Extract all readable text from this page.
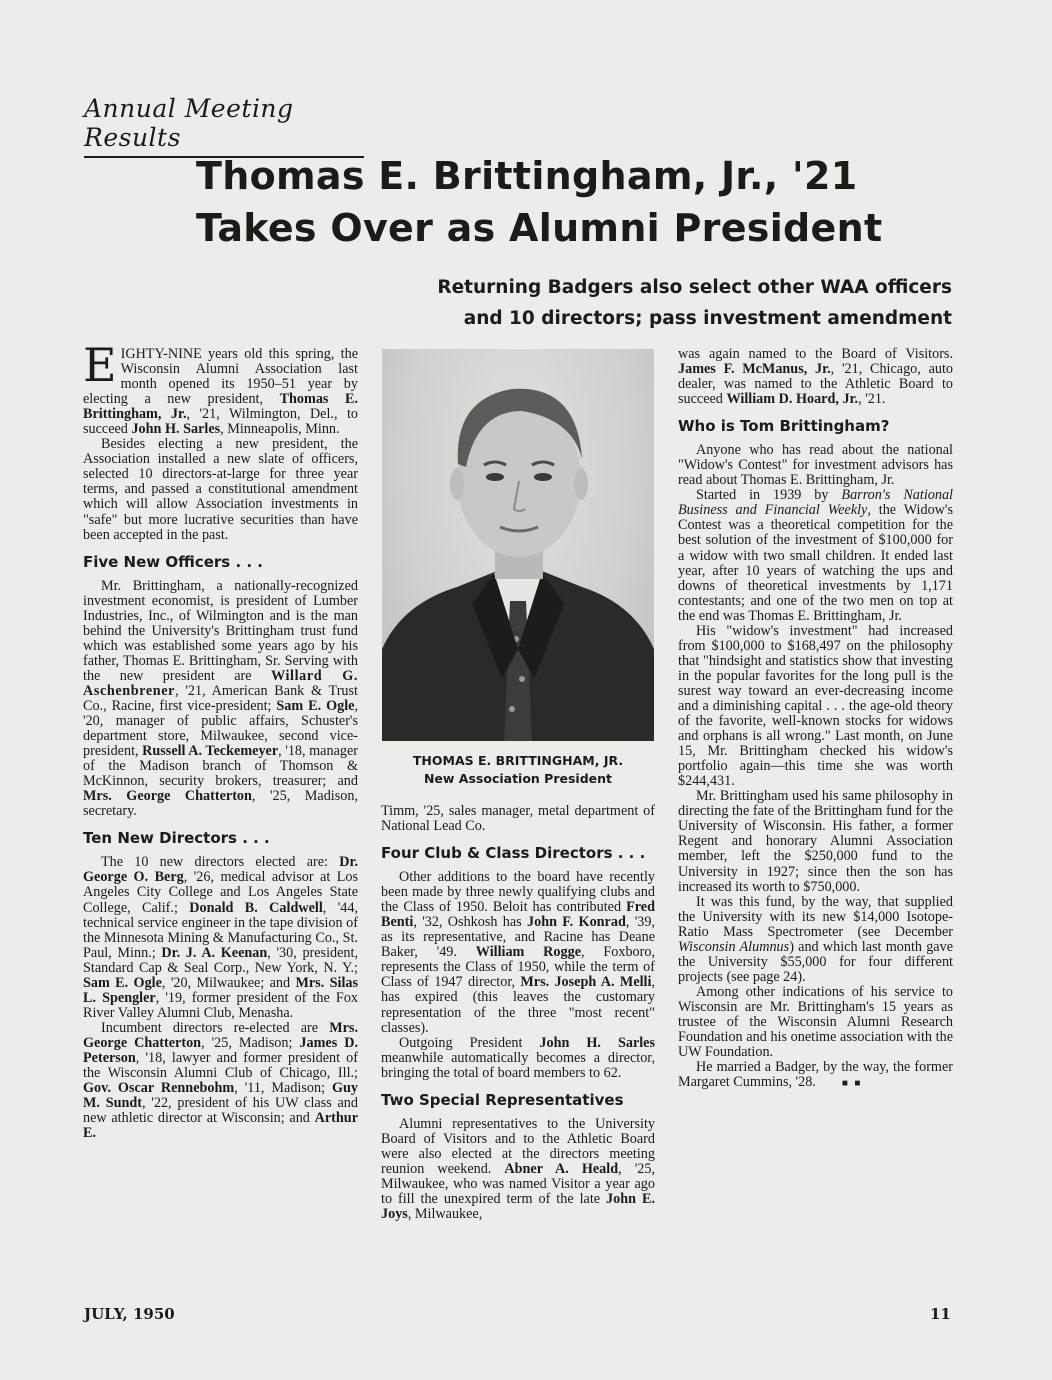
Annual Meeting Results
Thomas E. Brittingham, Jr., '21
Takes Over as Alumni President
Returning Badgers also select other WAA officers
and 10 directors; pass investment amendment

EIGHTY-NINE years old this spring, the Wisconsin Alumni Association last month opened its 1950–51 year by electing a new president, Thomas E. Brittingham, Jr., '21, Wilmington, Del., to succeed John H. Sarles, Minneapolis, Minn.

Besides electing a new president, the Association installed a new slate of officers, selected 10 directors-at-large for three year terms, and passed a constitutional amendment which will allow Association investments in "safe" but more lucrative securities than have been accepted in the past.

Five New Officers . . .

Mr. Brittingham, a nationally-recognized investment economist, is president of Lumber Industries, Inc., of Wilmington and is the man behind the University's Brittingham trust fund which was established some years ago by his father, Thomas E. Brittingham, Sr. Serving with the new president are Willard G. Aschenbrener, '21, American Bank & Trust Co., Racine, first vice-president; Sam E. Ogle, '20, manager of public affairs, Schuster's department store, Milwaukee, second vice-president, Russell A. Teckemeyer, '18, manager of the Madison branch of Thomson & McKinnon, security brokers, treasurer; and Mrs. George Chatterton, '25, Madison, secretary.

Ten New Directors . . .

The 10 new directors elected are: Dr. George O. Berg, '26, medical advisor at Los Angeles City College and Los Angeles State College, Calif.; Donald B. Caldwell, '44, technical service engineer in the tape division of the Minnesota Mining & Manufacturing Co., St. Paul, Minn.; Dr. J. A. Keenan, '30, president, Standard Cap & Seal Corp., New York, N. Y.; Sam E. Ogle, '20, Milwaukee; and Mrs. Silas L. Spengler, '19, former president of the Fox River Valley Alumni Club, Menasha.

Incumbent directors re-elected are Mrs. George Chatterton, '25, Madison; James D. Peterson, '18, lawyer and former president of the Wisconsin Alumni Club of Chicago, Ill.; Gov. Oscar Rennebohm, '11, Madison; Guy M. Sundt, '22, president of his UW class and new athletic director at Wisconsin; and Arthur E.

THOMAS E. BRITTINGHAM, JR.
New Association President

Timm, '25, sales manager, metal department of National Lead Co.

Four Club & Class Directors . . .

Other additions to the board have recently been made by three newly qualifying clubs and the Class of 1950. Beloit has contributed Fred Benti, '32, Oshkosh has John F. Konrad, '39, as its representative, and Racine has Deane Baker, '49. William Rogge, Foxboro, represents the Class of 1950, while the term of Class of 1947 director, Mrs. Joseph A. Melli, has expired (this leaves the customary representation of the three "most recent" classes).

Outgoing President John H. Sarles meanwhile automatically becomes a director, bringing the total of board members to 62.

Two Special Representatives

Alumni representatives to the University Board of Visitors and to the Athletic Board were also elected at the directors meeting reunion weekend. Abner A. Heald, '25, Milwaukee, who was named Visitor a year ago to fill the unexpired term of the late John E. Joys, Milwaukee,

was again named to the Board of Visitors. James F. McManus, Jr., '21, Chicago, auto dealer, was named to the Athletic Board to succeed William D. Hoard, Jr., '21.

Who is Tom Brittingham?

Anyone who has read about the national "Widow's Contest" for investment advisors has read about Thomas E. Brittingham, Jr.

Started in 1939 by Barron's National Business and Financial Weekly, the Widow's Contest was a theoretical competition for the best solution of the investment of $100,000 for a widow with two small children. It ended last year, after 10 years of watching the ups and downs of theoretical investments by 1,171 contestants; and one of the two men on top at the end was Thomas E. Brittingham, Jr.

His "widow's investment" had increased from $100,000 to $168,497 on the philosophy that "hindsight and statistics show that investing in the popular favorites for the long pull is the surest way toward an ever-decreasing income and a diminishing capital . . . the age-old theory of the favorite, well-known stocks for widows and orphans is all wrong." Last month, on June 15, Mr. Brittingham checked his widow's portfolio again—this time she was worth $244,431.

Mr. Brittingham used his same philosophy in directing the fate of the Brittingham fund for the University of Wisconsin. His father, a former Regent and honorary Alumni Association member, left the $250,000 fund to the University in 1927; since then the son has increased its worth to $750,000.

It was this fund, by the way, that supplied the University with its new $14,000 Isotope-Ratio Mass Spectrometer (see December Wisconsin Alumnus) and which last month gave the University $55,000 for four different projects (see page 24).

Among other indications of his service to Wisconsin are Mr. Brittingham's 15 years as trustee of the Wisconsin Alumni Research Foundation and his onetime association with the UW Foundation.

He married a Badger, by the way, the former Margaret Cummins, '28.	■ ■

JULY, 1950	11
